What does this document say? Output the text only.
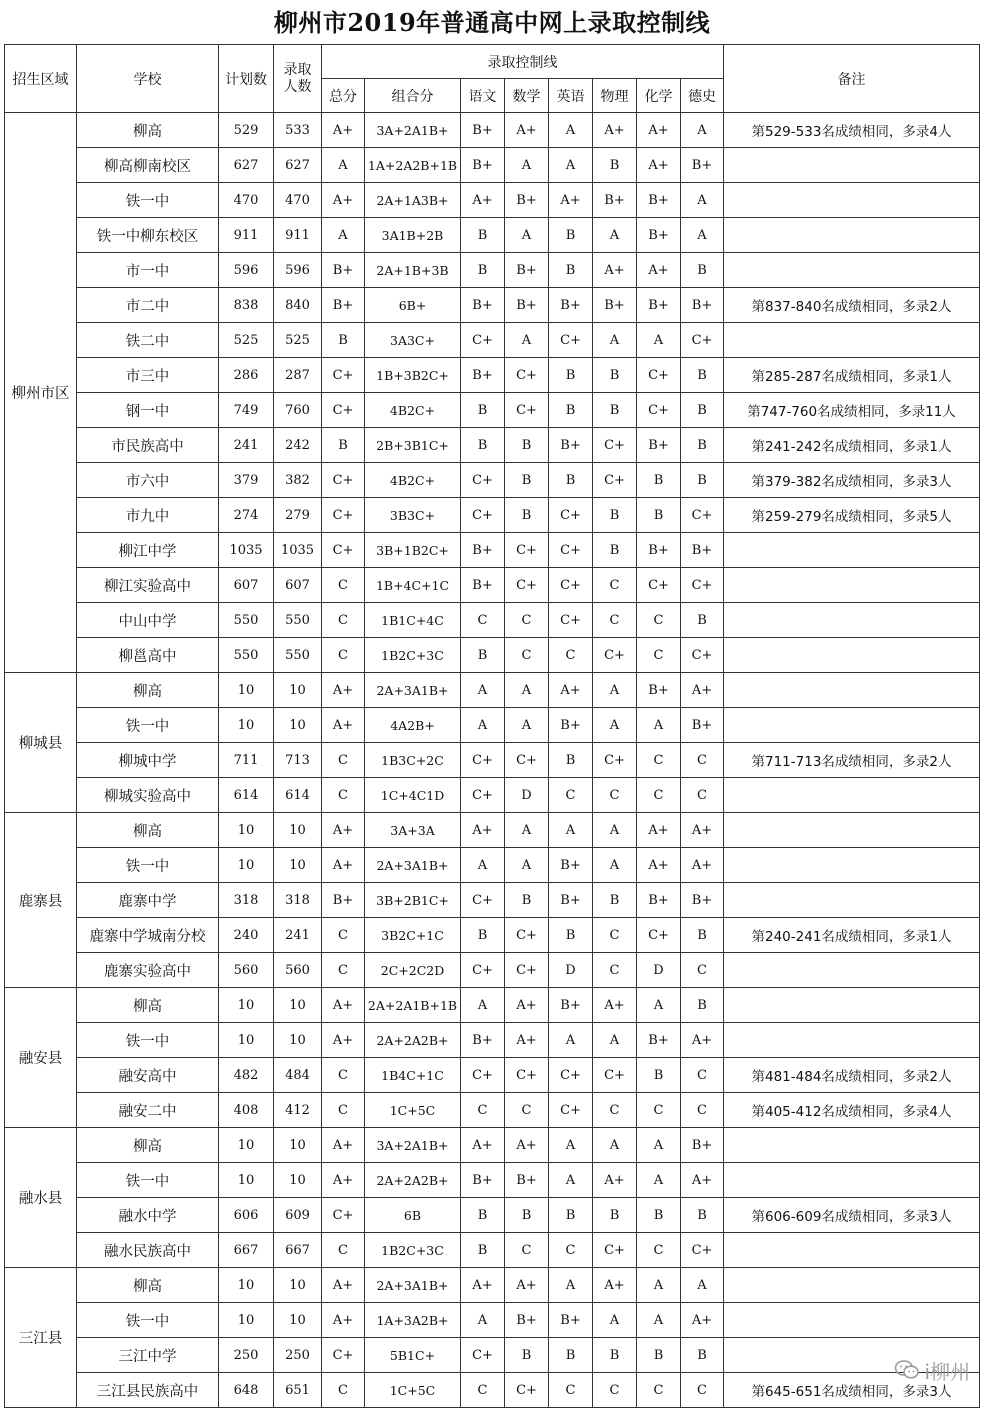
柳州市2019年普通高中网上录取控制线
招生区域	学校	计划数	录取人数	录取控制线								备注
				总分	组合分	语文	数学	英语	物理	化学	德史	
柳州市区	柳高	529	533	A+	3A+2A1B+	B+	A+	A	A+	A+	A	第529-533名成绩相同，多录4人
	柳高柳南校区	627	627	A	1A+2A2B+1B	B+	A	A	B	A+	B+	
	铁一中	470	470	A+	2A+1A3B+	A+	B+	A+	B+	B+	A	
	铁一中柳东校区	911	911	A	3A1B+2B	B	A	B	A	B+	A	
	市一中	596	596	B+	2A+1B+3B	B	B+	B	A+	A+	B	
	市二中	838	840	B+	6B+	B+	B+	B+	B+	B+	B+	第837-840名成绩相同，多录2人
	铁二中	525	525	B	3A3C+	C+	A	C+	A	A	C+	
	市三中	286	287	C+	1B+3B2C+	B+	C+	B	B	C+	B	第285-287名成绩相同，多录1人
	钢一中	749	760	C+	4B2C+	B	C+	B	B	C+	B	第747-760名成绩相同，多录11人
	市民族高中	241	242	B	2B+3B1C+	B	B	B+	C+	B+	B	第241-242名成绩相同，多录1人
	市六中	379	382	C+	4B2C+	C+	B	B	C+	B	B	第379-382名成绩相同，多录3人
	市九中	274	279	C+	3B3C+	C+	B	C+	B	B	C+	第259-279名成绩相同，多录5人
	柳江中学	1035	1035	C+	3B+1B2C+	B+	C+	C+	B	B+	B+	
	柳江实验高中	607	607	C	1B+4C+1C	B+	C+	C+	C	C+	C+	
	中山中学	550	550	C	1B1C+4C	C	C	C+	C	C	B	
	柳邕高中	550	550	C	1B2C+3C	B	C	C	C+	C	C+	
柳城县	柳高	10	10	A+	2A+3A1B+	A	A	A+	A	B+	A+	
	铁一中	10	10	A+	4A2B+	A	A	B+	A	A	B+	
	柳城中学	711	713	C	1B3C+2C	C+	C+	B	C+	C	C	第711-713名成绩相同，多录2人
	柳城实验高中	614	614	C	1C+4C1D	C+	D	C	C	C	C	
鹿寨县	柳高	10	10	A+	3A+3A	A+	A	A	A	A+	A+	
	铁一中	10	10	A+	2A+3A1B+	A	A	B+	A	A+	A+	
	鹿寨中学	318	318	B+	3B+2B1C+	C+	B	B+	B	B+	B+	
	鹿寨中学城南分校	240	241	C	3B2C+1C	B	C+	B	C	C+	B	第240-241名成绩相同，多录1人
	鹿寨实验高中	560	560	C	2C+2C2D	C+	C+	D	C	D	C	
融安县	柳高	10	10	A+	2A+2A1B+1B	A	A+	B+	A+	A	B	
	铁一中	10	10	A+	2A+2A2B+	B+	A+	A	A	B+	A+	
	融安高中	482	484	C	1B4C+1C	C+	C+	C+	C+	B	C	第481-484名成绩相同，多录2人
	融安二中	408	412	C	1C+5C	C	C	C+	C	C	C	第405-412名成绩相同，多录4人
融水县	柳高	10	10	A+	3A+2A1B+	A+	A+	A	A	A	B+	
	铁一中	10	10	A+	2A+2A2B+	B+	B+	A	A+	A	A+	
	融水中学	606	609	C+	6B	B	B	B	B	B	B	第606-609名成绩相同，多录3人
	融水民族高中	667	667	C	1B2C+3C	B	C	C	C+	C	C+	
三江县	柳高	10	10	A+	2A+3A1B+	A+	A+	A	A+	A	A	
	铁一中	10	10	A+	1A+3A2B+	A	B+	B+	A	A	A+	
	三江中学	250	250	C+	5B1C+	C+	B	B	B	B	B	
	三江县民族高中	648	651	C	1C+5C	C	C+	C	C	C	C	第645-651名成绩相同，多录3人
i柳州
